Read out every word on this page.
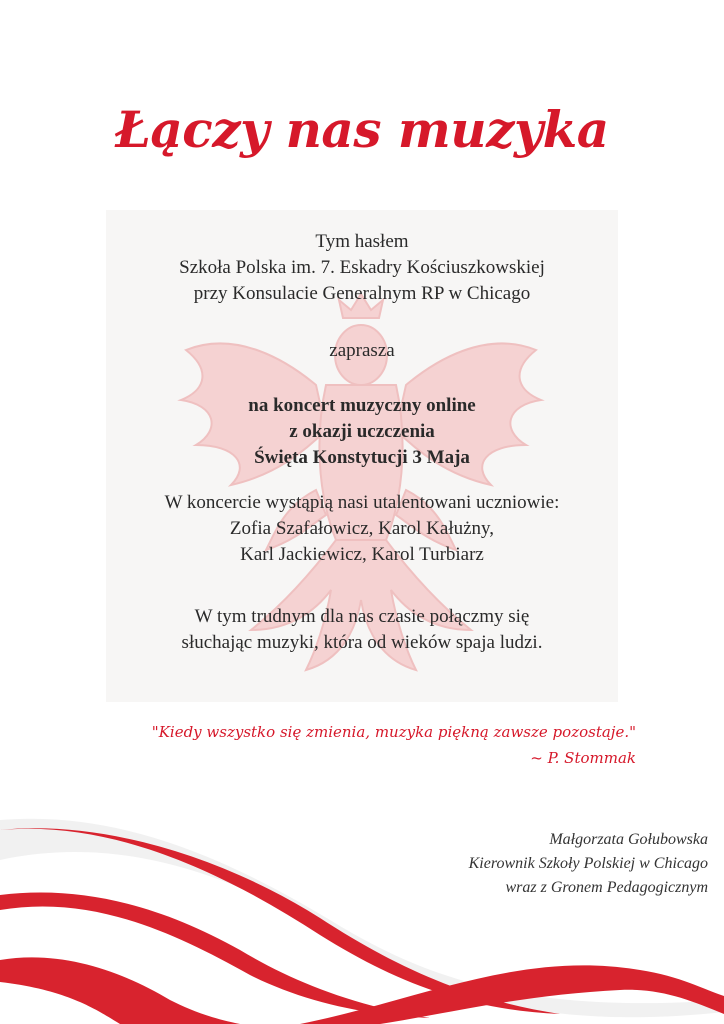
Łączy nas muzyka
Tym hasłem
Szkoła Polska im. 7. Eskadry Kościuszkowskiej
przy Konsulacie Generalnym RP w Chicago
zaprasza
na koncert muzyczny online
z okazji uczczenia
Święta Konstytucji 3 Maja
W koncercie wystąpią nasi utalentowani uczniowie:
Zofia Szafałowicz, Karol Kałużny,
Karl Jackiewicz, Karol Turbiarz
W tym trudnym dla nas czasie połączmy się
słuchając muzyki, która od wieków spaja ludzi.
"Kiedy wszystko się zmienia, muzyka piękną zawsze pozostaje."
~ P. Stommak
Małgorzata Gołubowska
Kierownik Szkoły Polskiej w Chicago
wraz z Gronem Pedagogicznym
